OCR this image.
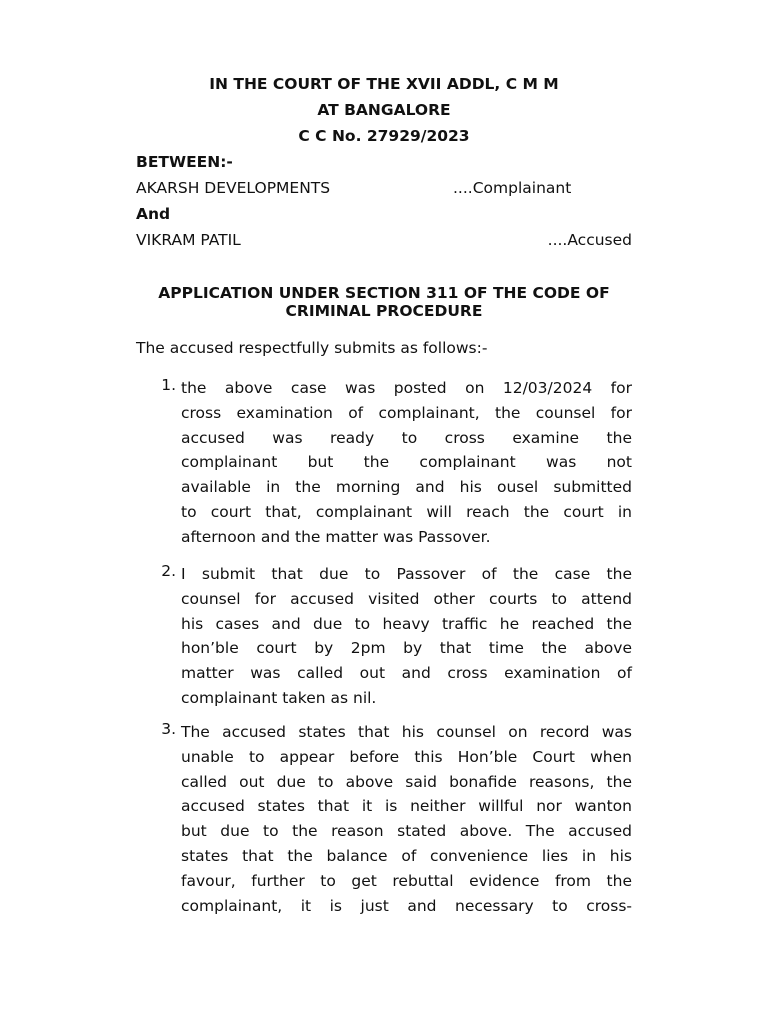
IN THE COURT OF THE XVII ADDL, C M M
AT BANGALORE
C C No. 27929/2023
BETWEEN:-
AKARSH DEVELOPMENTS	....Complainant
And
VIKRAM PATIL	....Accused
APPLICATION UNDER SECTION 311 OF THE CODE OF CRIMINAL PROCEDURE
The accused respectfully submits as follows:-
1. the above case was posted on 12/03/2024 for
cross examination of complainant, the counsel for
accused was ready to cross examine the
complainant but the complainant was not
available in the morning and his ousel submitted
to court that, complainant will reach the court in
afternoon and the matter was Passover.
2. I submit that due to Passover of the case the
counsel for accused visited other courts to attend
his cases and due to heavy traffic he reached the
hon’ble court by 2pm by that time the above
matter was called out and cross examination of
complainant taken as nil.
3. The accused states that his counsel on record was
unable to appear before this Hon’ble Court when
called out due to above said bonafide reasons, the
accused states that it is neither willful nor wanton
but due to the reason stated above. The accused
states that the balance of convenience lies in his
favour, further to get rebuttal evidence from the
complainant, it is just and necessary to cross-
